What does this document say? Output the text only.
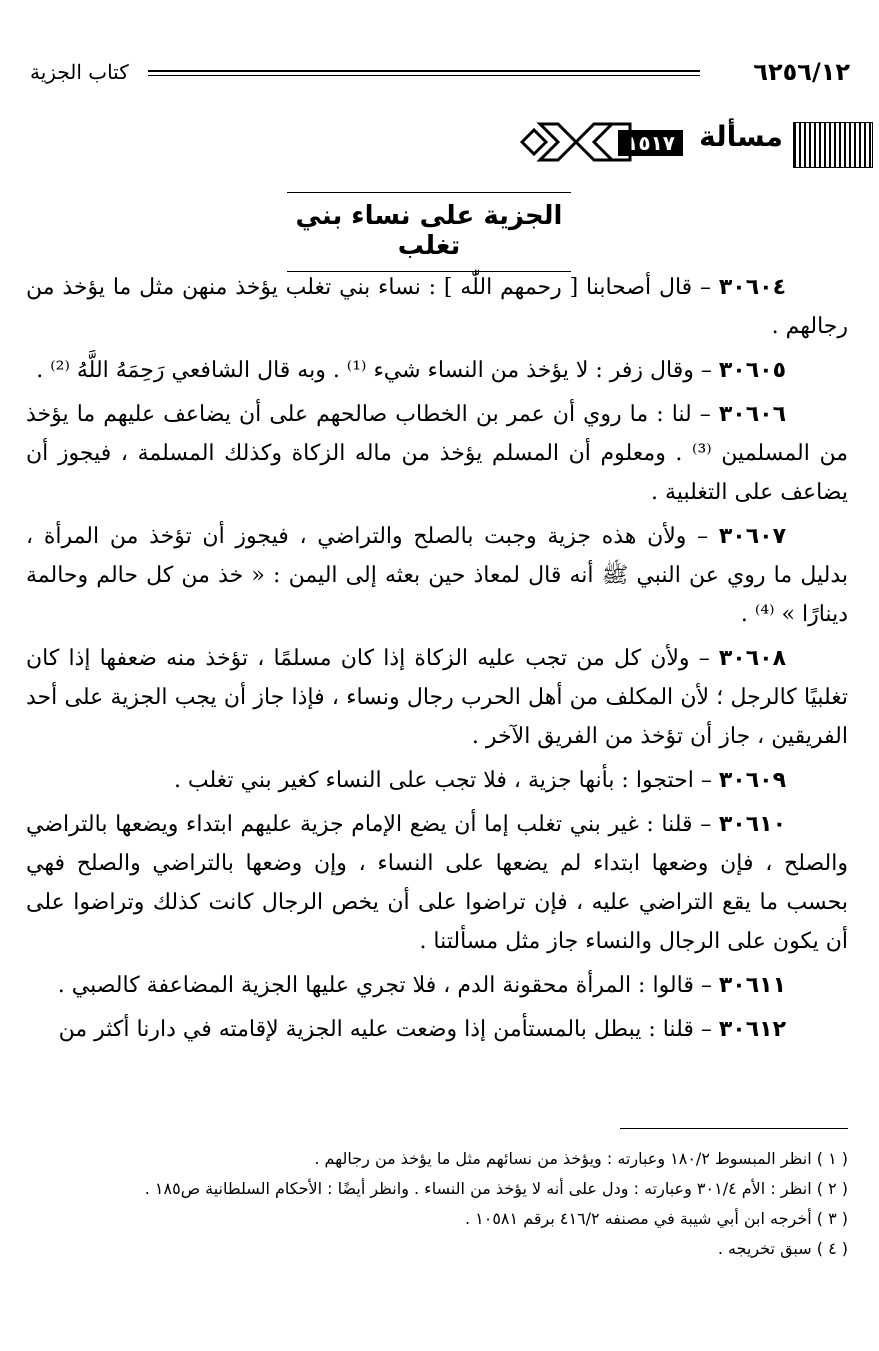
٦٢٥٦/١٢
كتاب الجزية
مسألة
١٥١٧
الجزية على نساء بني تغلب

٣٠٦٠٤ – قال أصحابنا [ رحمهم اللّٰه ] : نساء بني تغلب يؤخذ منهن مثل ما يؤخذ من رجالهم .

٣٠٦٠٥ – وقال زفر : لا يؤخذ من النساء شيء ⁽¹⁾ . وبه قال الشافعي رَحِمَهُ اللَّهُ ⁽²⁾ .

٣٠٦٠٦ – لنا : ما روي أن عمر بن الخطاب صالحهم على أن يضاعف عليهم ما يؤخذ من المسلمين ⁽³⁾ . ومعلوم أن المسلم يؤخذ من ماله الزكاة وكذلك المسلمة ، فيجوز أن يضاعف على التغلبية .

٣٠٦٠٧ – ولأن هذه جزية وجبت بالصلح والتراضي ، فيجوز أن تؤخذ من المرأة ، بدليل ما روي عن النبي ﷺ أنه قال لمعاذ حين بعثه إلى اليمن : « خذ من كل حالم وحالمة دينارًا » ⁽⁴⁾ .

٣٠٦٠٨ – ولأن كل من تجب عليه الزكاة إذا كان مسلمًا ، تؤخذ منه ضعفها إذا كان تغلبيًا كالرجل ؛ لأن المكلف من أهل الحرب رجال ونساء ، فإذا جاز أن يجب الجزية على أحد الفريقين ، جاز أن تؤخذ من الفريق الآخر .

٣٠٦٠٩ – احتجوا : بأنها جزية ، فلا تجب على النساء كغير بني تغلب .

٣٠٦١٠ – قلنا : غير بني تغلب إما أن يضع الإمام جزية عليهم ابتداء ويضعها بالتراضي والصلح ، فإن وضعها ابتداء لم يضعها على النساء ، وإن وضعها بالتراضي والصلح فهي بحسب ما يقع التراضي عليه ، فإن تراضوا على أن يخص الرجال كانت كذلك وتراضوا على أن يكون على الرجال والنساء جاز مثل مسألتنا .

٣٠٦١١ – قالوا : المرأة محقونة الدم ، فلا تجري عليها الجزية المضاعفة كالصبي .

٣٠٦١٢ – قلنا : يبطل بالمستأمن إذا وضعت عليه الجزية لإقامته في دارنا أكثر من

( ١ ) انظر المبسوط ١٨٠/٢ وعبارته : ويؤخذ من نسائهم مثل ما يؤخذ من رجالهم .

( ٢ ) انظر : الأم ٣٠١/٤ وعبارته : ودل على أنه لا يؤخذ من النساء . وانظر أيضًا : الأحكام السلطانية ص١٨٥ .

( ٣ ) أخرجه ابن أبي شيبة في مصنفه ٤١٦/٢ برقم ١٠٥٨١ .

( ٤ ) سبق تخريجه .
